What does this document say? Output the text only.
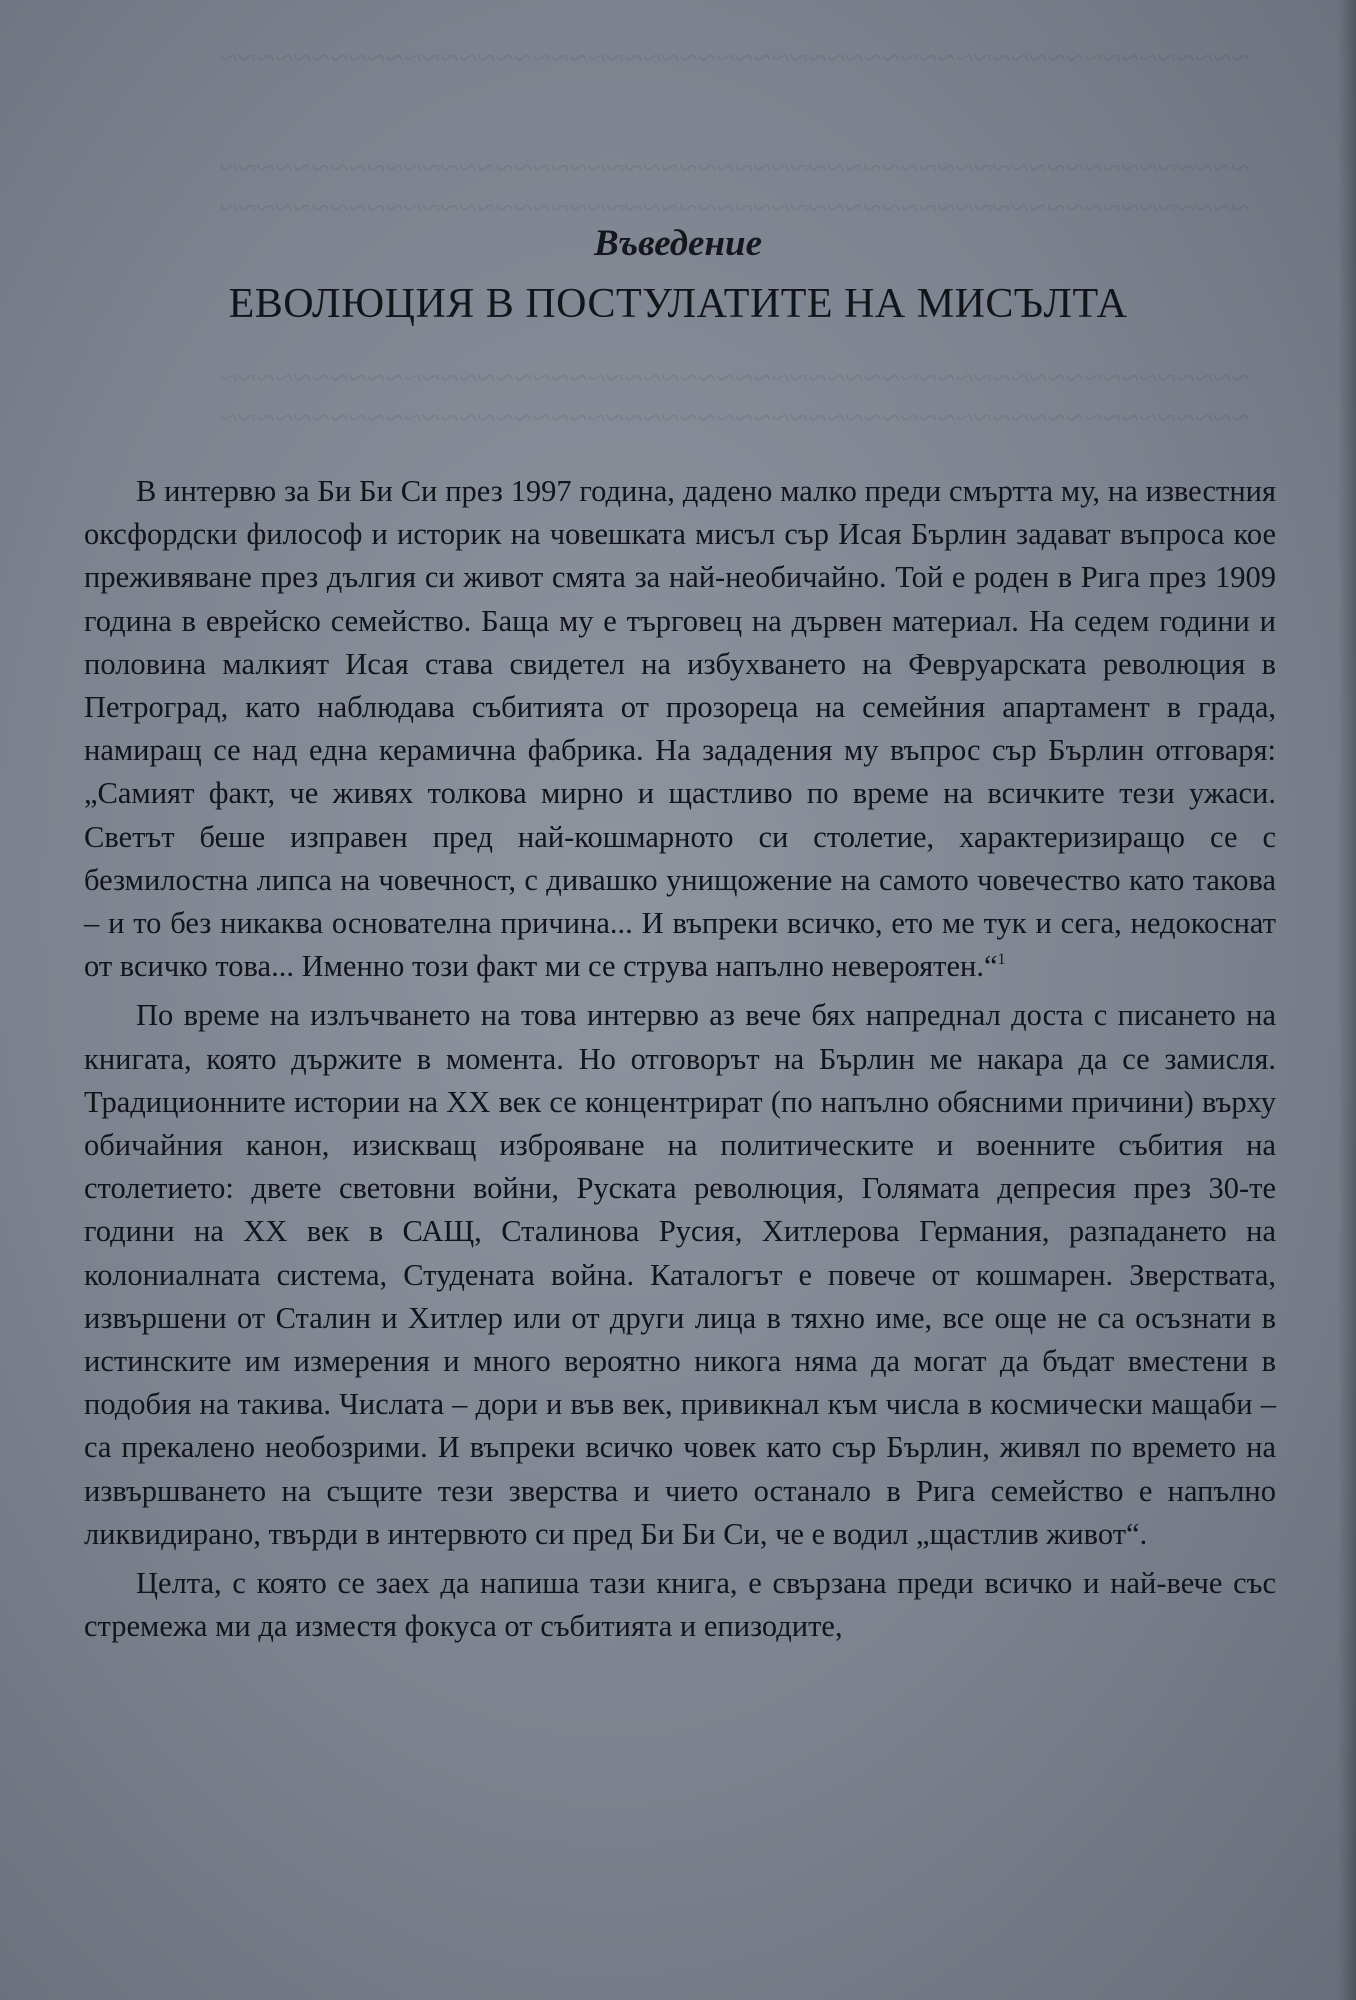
~~~~~~~~~~~~~~~~~~~~~~~~~~~~~~~~~~~~~~~~~~~~~~~~~~~~~~~~
~~~~~~~~~~~~~~~~~~~~~~~~~~~~~~~~~~~~~~~~~~~~~~~~~~~~~~~~
~~~~~~~~~~~~~~~~~~~~~~~~~~~~~~~~~~~~~~~~~~~~~~~~~~~~~~~~
~~~~~~~~~~~~~~~~~~~~~~~~~~~~~~~~~~~~~~~~~~~~~~~~~~~~~~~~
~~~~~~~~~~~~~~~~~~~~~~~~~~~~~~~~~~~~~~~~~~~~~~~~~~~~~~~~
Въведение
ЕВОЛЮЦИЯ В ПОСТУЛАТИТЕ НА МИСЪЛТА

В интервю за Би Би Си през 1997 година, дадено малко преди смъртта му, на известния оксфордски философ и историк на човешката мисъл сър Исая Бърлин задават въпроса кое преживяване през дългия си живот смята за най-необичайно. Той е роден в Рига през 1909 година в еврейско семейство. Баща му е търговец на дървен материал. На седем години и половина малкият Исая става свидетел на избухването на Февруарската революция в Петроград, като наблюдава събитията от прозореца на семейния апартамент в града, намиращ се над една керамична фабрика. На зададения му въпрос сър Бърлин отговаря: „Самият факт, че живях толкова мирно и щастливо по време на всичките тези ужаси. Светът беше изправен пред най-кошмарното си столетие, характеризиращо се с безмилостна липса на човечност, с дивашко унищожение на самото човечество като такова – и то без никаква основателна причина... И въпреки всичко, ето ме тук и сега, недокоснат от всичко това... Именно този факт ми се струва напълно невероятен.“$^1$

По време на излъчването на това интервю аз вече бях напреднал доста с писането на книгата, която държите в момента. Но отговорът на Бърлин ме накара да се замисля. Традиционните истории на XX век се концентрират (по напълно обясними причини) върху обичайния канон, изискващ изброяване на политическите и военните събития на столетието: двете световни войни, Руската революция, Голямата депресия през 30-те години на XX век в САЩ, Сталинова Русия, Хитлерова Германия, разпадането на колониалната система, Студената война. Каталогът е повече от кошмарен. Зверствата, извършени от Сталин и Хитлер или от други лица в тяхно име, все още не са осъзнати в истинските им измерения и много вероятно никога няма да могат да бъдат вместени в подобия на такива. Числата – дори и във век, привикнал към числа в космически мащаби – са прекалено необозрими. И въпреки всичко човек като сър Бърлин, живял по времето на извършването на същите тези зверства и чието останало в Рига семейство е напълно ликвидирано, твърди в интервюто си пред Би Би Си, че е водил „щастлив живот“.

Целта, с която се заех да напиша тази книга, е свързана преди всичко и най-вече със стремежа ми да изместя фокуса от събитията и епизодите,
